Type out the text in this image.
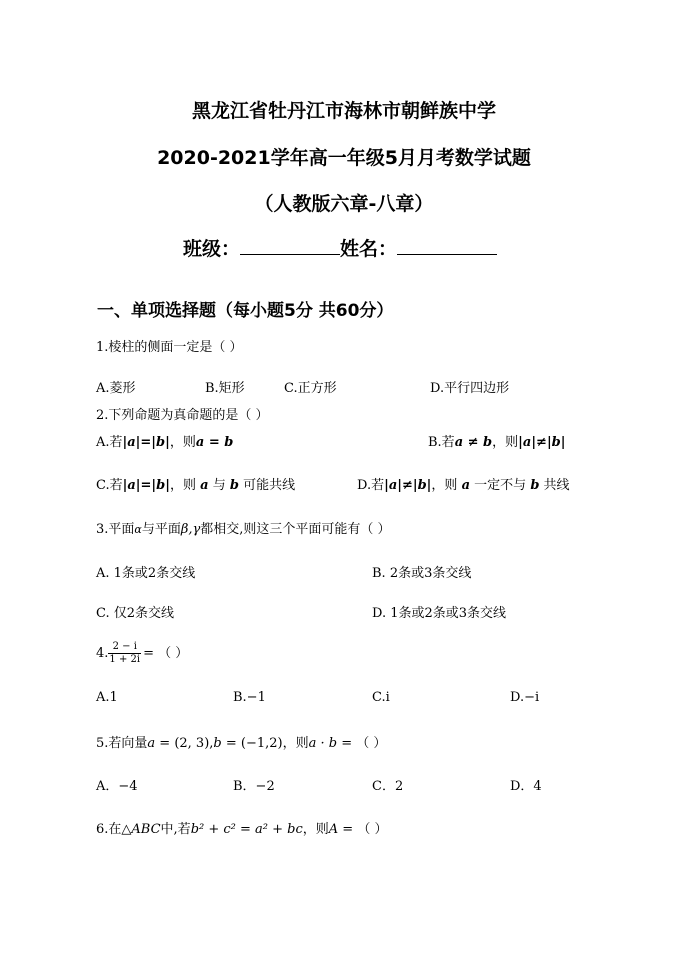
黑龙江省牡丹江市海林市朝鲜族中学
2020-2021学年高一年级5月月考数学试题
（人教版六章-八章）
班级：	姓名：
一、单项选择题（每小题5分 共60分）
1.棱柱的侧面一定是（ ）
A.菱形	B.矩形	C.正方形	D.平行四边形
2.下列命题为真命题的是（ ）
A.若|a|=|b|，则a = b	B.若a ≠ b，则|a|≠|b|
C.若|a|=|b|，则 a 与 b 可能共线	D.若|a|≠|b|，则 a 一定不与 b 共线
3.平面α与平面β,γ都相交,则这三个平面可能有（ ）
A. 1条或2条交线	B. 2条或3条交线
C. 仅2条交线	D. 1条或2条或3条交线
4. $\frac{2 - i}{1 + 2i}$ = （ ）
A.1	B.−1	C.i	D.−i
5.若向量a = (2, 3),b = (−1,2)，则a · b = （ ）
A．−4	B．−2	C．2	D．4
6.在△ABC中,若b² + c² = a² + bc，则A = （ ）
